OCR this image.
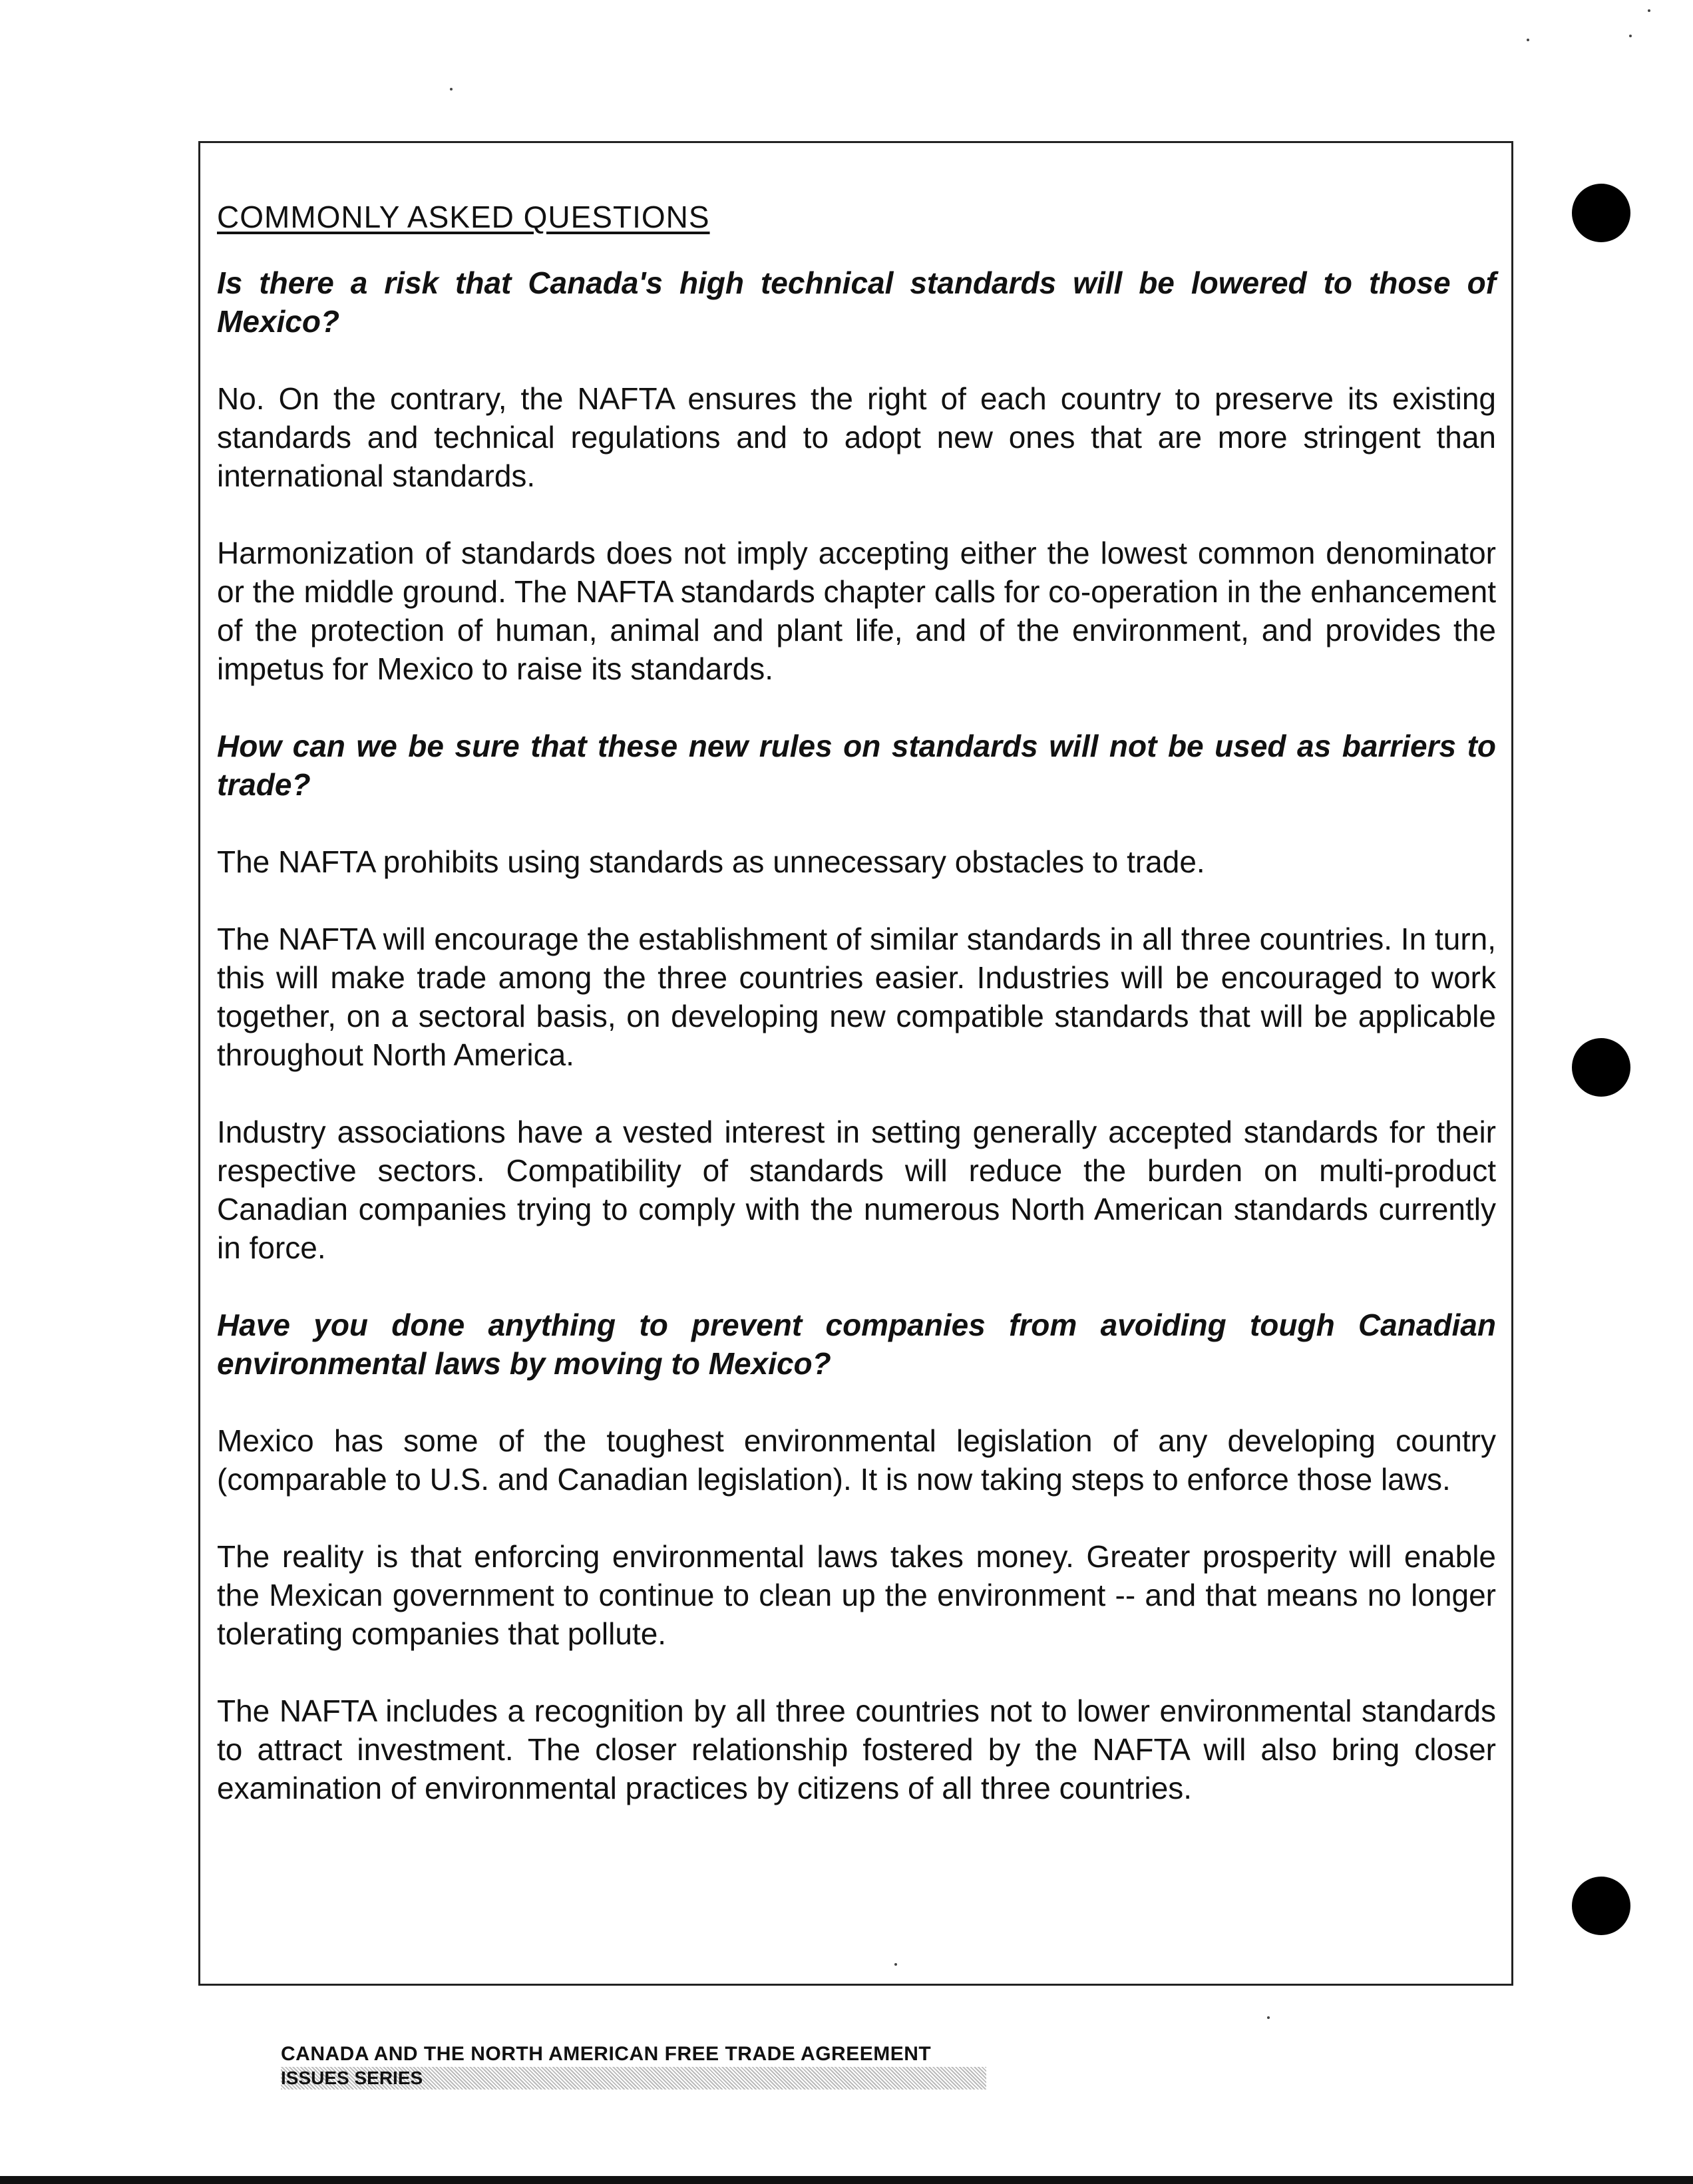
COMMONLY ASKED QUESTIONS
Is there a risk that Canada's high technical standards will be lowered to those of Mexico?
No. On the contrary, the NAFTA ensures the right of each country to preserve its existing standards and technical regulations and to adopt new ones that are more stringent than international standards.
Harmonization of standards does not imply accepting either the lowest common denominator or the middle ground. The NAFTA standards chapter calls for co-operation in the enhancement of the protection of human, animal and plant life, and of the environment, and provides the impetus for Mexico to raise its standards.
How can we be sure that these new rules on standards will not be used as barriers to trade?
The NAFTA prohibits using standards as unnecessary obstacles to trade.
The NAFTA will encourage the establishment of similar standards in all three countries. In turn, this will make trade among the three countries easier. Industries will be encouraged to work together, on a sectoral basis, on developing new compatible standards that will be applicable throughout North America.
Industry associations have a vested interest in setting generally accepted standards for their respective sectors. Compatibility of standards will reduce the burden on multi-product Canadian companies trying to comply with the numerous North American standards currently in force.
Have you done anything to prevent companies from avoiding tough Canadian environmental laws by moving to Mexico?
Mexico has some of the toughest environmental legislation of any developing country (comparable to U.S. and Canadian legislation). It is now taking steps to enforce those laws.
The reality is that enforcing environmental laws takes money. Greater prosperity will enable the Mexican government to continue to clean up the environment -- and that means no longer tolerating companies that pollute.
The NAFTA includes a recognition by all three countries not to lower environmental standards to attract investment. The closer relationship fostered by the NAFTA will also bring closer examination of environmental practices by citizens of all three countries.
CANADA AND THE NORTH AMERICAN FREE TRADE AGREEMENT
ISSUES SERIES
